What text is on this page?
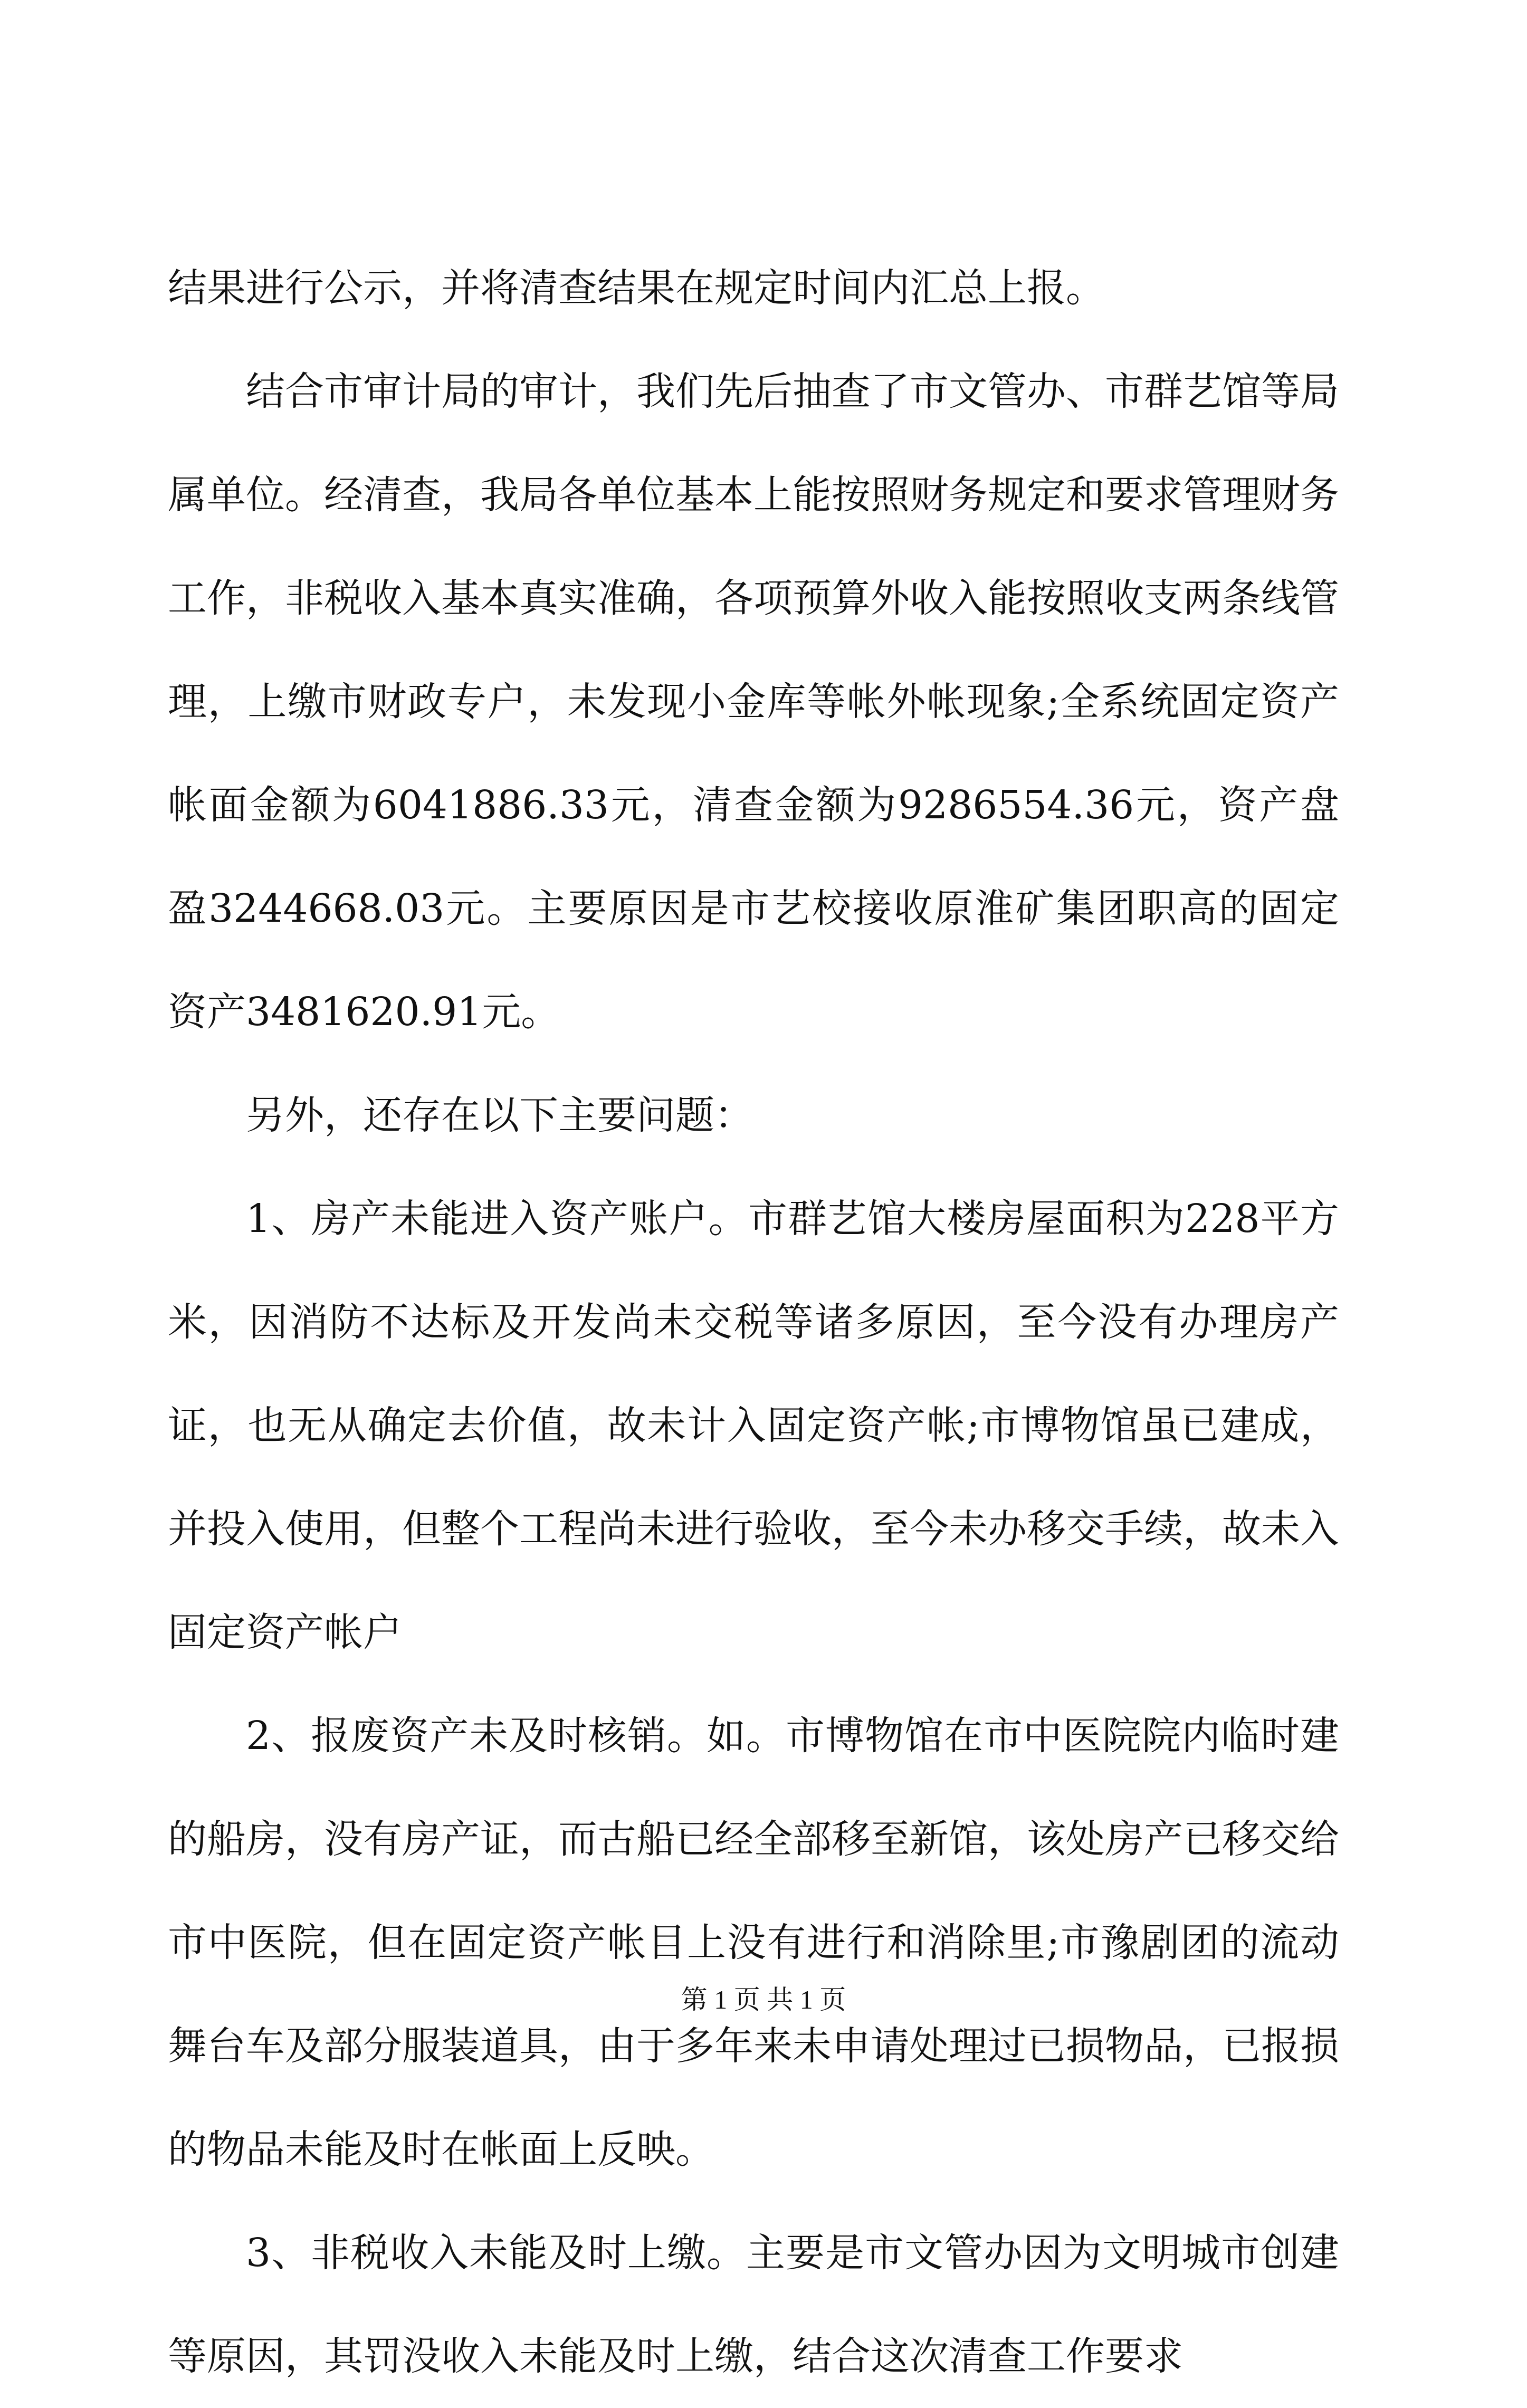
结果进行公示，并将清查结果在规定时间内汇总上报。

结合市审计局的审计，我们先后抽查了市文管办、市群艺馆等局属单位。经清查，我局各单位基本上能按照财务规定和要求管理财务工作，非税收入基本真实准确，各项预算外收入能按照收支两条线管理，上缴市财政专户，未发现小金库等帐外帐现象;全系统固定资产帐面金额为6041886.33元，清查金额为9286554.36元，资产盘盈3244668.03元。主要原因是市艺校接收原淮矿集团职高的固定资产3481620.91元。

另外，还存在以下主要问题：

1、房产未能进入资产账户。市群艺馆大楼房屋面积为228平方米，因消防不达标及开发尚未交税等诸多原因，至今没有办理房产证，也无从确定去价值，故未计入固定资产帐;市博物馆虽已建成，并投入使用，但整个工程尚未进行验收，至今未办移交手续，故未入固定资产帐户

2、报废资产未及时核销。如。市博物馆在市中医院院内临时建的船房，没有房产证，而古船已经全部移至新馆，该处房产已移交给市中医院，但在固定资产帐目上没有进行和消除里;市豫剧团的流动舞台车及部分服装道具，由于多年来未申请处理过已损物品，已报损的物品未能及时在帐面上反映。

3、非税收入未能及时上缴。主要是市文管办因为文明城市创建等原因，其罚没收入未能及时上缴，结合这次清查工作要求

第 1 页 共 1 页
